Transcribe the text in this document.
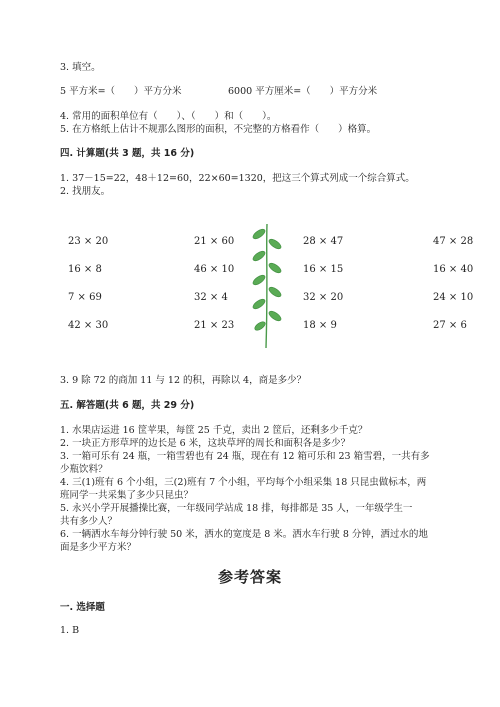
3. 填空。
5 平方米=（　　）平方分米	6000 平方厘米=（　　）平方分米
4. 常用的面积单位有（　　）、（　　）和（　　）。
5. 在方格纸上估计不规那么图形的面积，不完整的方格看作（　　）格算。
四. 计算题(共 3 题，共 16 分)
1. 37－15=22，48＋12=60，22×60=1320，把这三个算式列成一个综合算式。
2. 找朋友。
23 × 20
16 × 8
7 × 69
42 × 30
21 × 60
46 × 10
32 × 4
21 × 23
28 × 47
16 × 15
32 × 20
18 × 9
47 × 28
16 × 40
24 × 10
27 × 6
3. 9 除 72 的商加 11 与 12 的积，再除以 4，商是多少？
五. 解答题(共 6 题，共 29 分)
1. 水果店运进 16 筐苹果，每筐 25 千克，卖出 2 筐后，还剩多少千克？
2. 一块正方形草坪的边长是 6 米，这块草坪的周长和面积各是多少？
3. 一箱可乐有 24 瓶，一箱雪碧也有 24 瓶，现在有 12 箱可乐和 23 箱雪碧，一共有多
少瓶饮料？
4. 三(1)班有 6 个小组，三(2)班有 7 个小组，平均每个小组采集 18 只昆虫做标本，两
班同学一共采集了多少只昆虫？
5. 永兴小学开展播操比赛，一年级同学站成 18 排，每排都是 35 人，一年级学生一
共有多少人？
6. 一辆洒水车每分钟行驶 50 米，洒水的宽度是 8 米。洒水车行驶 8 分钟，洒过水的地
面是多少平方米？
参考答案
一. 选择题
1. B
